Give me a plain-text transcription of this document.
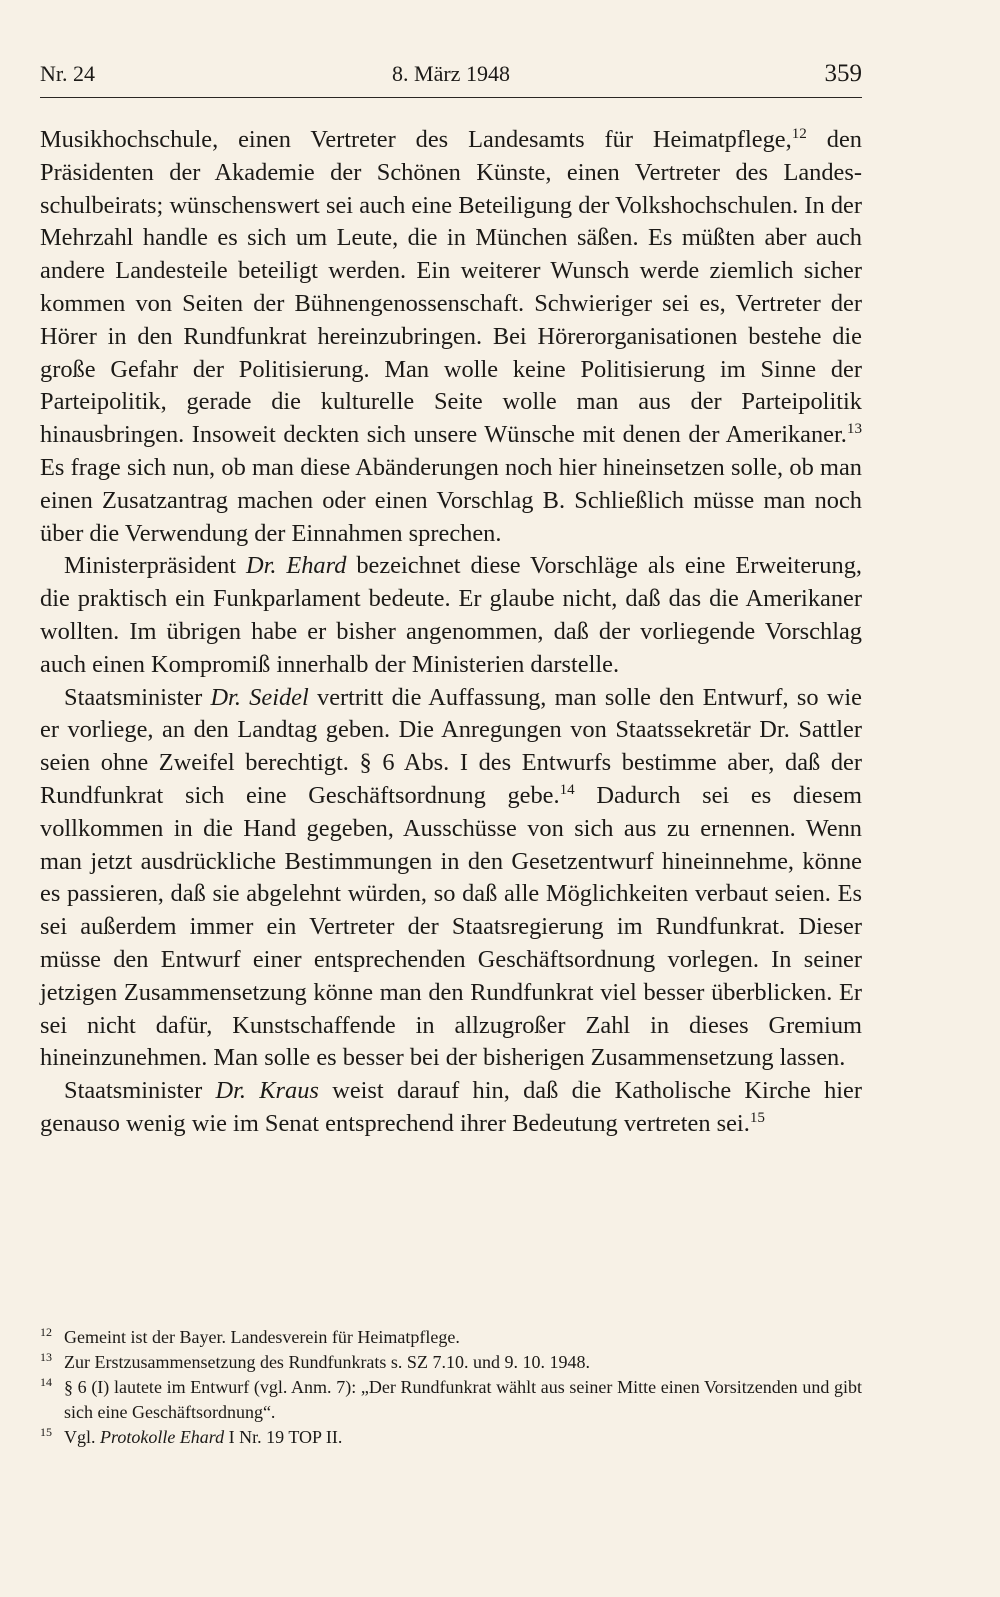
Nr. 24	8. März 1948	359

Musikhochschule, einen Vertreter des Landesamts für Heimatpflege,$^{12}$ den Präsidenten der Akademie der Schönen Künste, einen Vertreter des Landesschulbeirats; wünschenswert sei auch eine Beteiligung der Volkshochschulen. In der Mehrzahl handle es sich um Leute, die in München säßen. Es müßten aber auch andere Landesteile beteiligt werden. Ein weiterer Wunsch werde ziemlich sicher kommen von Seiten der Bühnengenossenschaft. Schwieriger sei es, Vertreter der Hörer in den Rundfunkrat hereinzubringen. Bei Hörerorganisationen bestehe die große Gefahr der Politisierung. Man wolle keine Politisierung im Sinne der Parteipolitik, gerade die kulturelle Seite wolle man aus der Parteipolitik hinausbringen. Insoweit deckten sich unsere Wünsche mit denen der Amerikaner.$^{13}$ Es frage sich nun, ob man diese Abänderungen noch hier hineinsetzen solle, ob man einen Zusatzantrag machen oder einen Vorschlag B. Schließlich müsse man noch über die Verwendung der Einnahmen sprechen.

Ministerpräsident Dr. Ehard bezeichnet diese Vorschläge als eine Erweiterung, die praktisch ein Funkparlament bedeute. Er glaube nicht, daß das die Amerikaner wollten. Im übrigen habe er bisher angenommen, daß der vorliegende Vorschlag auch einen Kompromiß innerhalb der Ministerien darstelle.

Staatsminister Dr. Seidel vertritt die Auffassung, man solle den Entwurf, so wie er vorliege, an den Landtag geben. Die Anregungen von Staatssekretär Dr. Sattler seien ohne Zweifel berechtigt. § 6 Abs. I des Entwurfs bestimme aber, daß der Rundfunkrat sich eine Geschäftsordnung gebe.$^{14}$ Dadurch sei es diesem vollkommen in die Hand gegeben, Ausschüsse von sich aus zu ernennen. Wenn man jetzt ausdrückliche Bestimmungen in den Gesetzentwurf hineinnehme, könne es passieren, daß sie abgelehnt würden, so daß alle Möglichkeiten verbaut seien. Es sei außerdem immer ein Vertreter der Staatsregierung im Rundfunkrat. Dieser müsse den Entwurf einer entsprechenden Geschäftsordnung vorlegen. In seiner jetzigen Zusammensetzung könne man den Rundfunkrat viel besser überblicken. Er sei nicht dafür, Kunstschaffende in allzugroßer Zahl in dieses Gremium hineinzunehmen. Man solle es besser bei der bisherigen Zusammensetzung lassen.

Staatsminister Dr. Kraus weist darauf hin, daß die Katholische Kirche hier genauso wenig wie im Senat entsprechend ihrer Bedeutung vertreten sei.$^{15}$

12 Gemeint ist der Bayer. Landesverein für Heimatpflege.
13 Zur Erstzusammensetzung des Rundfunkrats s. SZ 7.10. und 9. 10. 1948.
14 § 6 (I) lautete im Entwurf (vgl. Anm. 7): „Der Rundfunkrat wählt aus seiner Mitte einen Vorsitzenden und gibt sich eine Geschäftsordnung“.
15 Vgl. Protokolle Ehard I Nr. 19 TOP II.
